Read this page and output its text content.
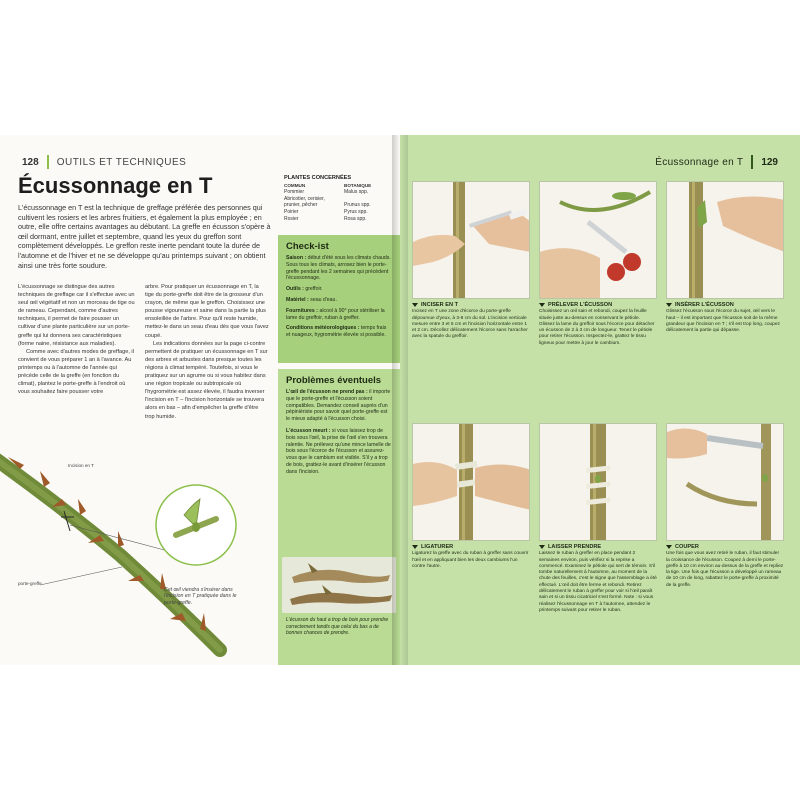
128 OUTILS ET TECHNIQUES
Écussonnage en T

L'écussonnage en T est la technique de greffage préférée des personnes qui cultivent les rosiers et les arbres fruitiers, et également la plus employée ; en outre, elle offre certains avantages au débutant. La greffe en écusson s'opère à œil dormant, entre juillet et septembre, quand les yeux du greffon sont complètement développés. Le greffon reste inerte pendant toute la durée de l'automne et de l'hiver et ne se développe qu'au printemps suivant ; on obtient ainsi une très forte soudure.

L'écussonnage se distingue des autres techniques de greffage car il s'effectue avec un seul œil végétatif et non un morceau de tige ou de rameau. Cependant, comme d'autres techniques, il permet de faire pousser un cultivar d'une plante particulière sur un porte-greffe qui lui donnera ses caractéristiques (forme naine, résistance aux maladies).

Comme avec d'autres modes de greffage, il convient de vous préparer 1 an à l'avance. Au printemps ou à l'automne de l'année qui précède celle de la greffe (en fonction du climat), plantez le porte-greffe à l'endroit où vous souhaitez faire pousser votre

arbre. Pour pratiquer un écussonnage en T, la tige du porte-greffe doit être de la grosseur d'un crayon, de même que le greffon. Choisissez une pousse vigoureuse et saine dans la partie la plus ensoleillée de l'arbre. Pour qu'il reste humide, mettez-le dans un seau d'eau dès que vous l'avez coupé.

Les indications données sur la page ci-contre permettent de pratiquer un écussonnage en T sur des arbres et arbustes dans presque toutes les régions à climat tempéré. Toutefois, si vous le pratiquez sur un agrume ou si vous habitez dans une région tropicale ou subtropicale où l'hygrométrie est assez élevée, il faudra inverser l'incision en T – l'incision horizontale se trouvera alors en bas – afin d'empêcher la greffe d'être trop humide.

PLANTES CONCERNÉES
COMMUN
Pommier
Abricotier, cerisier,
prunier, pêcher
Poirier
Rosier
BOTANIQUE
Malus spp.

Prunus spp.
Pyrus spp.
Rosa spp.
Check-ist
Saison : début d'été sous les climats chauds. Sous tous les climats, arrosez bien le porte-greffe pendant les 2 semaines qui précèdent l'écussonnage.
Outils : greffoir.
Matériel : seau d'eau.
Fournitures : alcool à 90° pour stériliser la lame du greffoir, ruban à greffer.
Conditions météorologiques : temps frais et nuageux, hygrométrie élevée si possible.
Problèmes éventuels
L'œil de l'écusson ne prend pas : il importe que le porte-greffe et l'écusson soient compatibles. Demandez conseil auprès d'un pépiniériste pour savoir quel porte-greffe est le mieux adapté à l'écusson choisi.
L'écusson meurt : si vous laissez trop de bois sous l'œil, la prise de l'œil s'en trouvera ralentie. Ne prélevez qu'une mince lamelle de bois sous l'écorce de l'écusson et assurez-vous que le cambium est visible. S'il y a trop de bois, grattez-le avant d'insérer l'écusson dans l'incision.
L'écusson du haut a trop de bois pour prendre correctement tandis que celui du bas a de bonnes chances de prendre.
Incision en T
porte-greffe
Cet œil viendra s'insérer dans l'incision en T pratiquée dans le porte-greffe.
Écussonnage en T 129
INCISER EN T
Incisez en T une zone d'écorce du porte-greffe dépourvue d'yeux, à 3-8 cm du sol. L'incision verticale mesure entre 3 et 5 cm et l'incision horizontale entre 1 et 2 cm. Décollez délicatement l'écorce sans l'arracher avec la spatule du greffoir.
PRÉLEVER L'ÉCUSSON
Choisissez un œil sain et rebondi, coupez la feuille située juste au-dessus en conservant le pétiole. Glissez la lame du greffoir sous l'écorce pour détacher un écusson de 2 à 3 cm de longueur. Tenez le pétiole pour retirer l'écusson. Inspectez-le, grattez le tissu ligneux pour mettre à jour le cambium.
INSÉRER L'ÉCUSSON
Glissez l'écusson sous l'écorce du sujet, œil vers le haut – il est important que l'écusson soit de la même grandeur que l'incision en T ; s'il est trop long, coupez délicatement la partie qui dépasse.
LIGATURER
Ligaturez la greffe avec du ruban à greffer sans couvrir l'œil et en appliquant bien les deux cambiums l'un contre l'autre.
LAISSER PRENDRE
Laissez le ruban à greffer en place pendant 2 semaines environ, puis vérifiez si la reprise a commencé. Examinez le pétiole qui sert de témoin. S'il tombe naturellement à l'automne, au moment de la chute des feuilles, c'est le signe que l'assemblage a été effectué. L'œil doit être ferme et rebondi. Retirez délicatement le ruban à greffer pour voir si l'œil paraît sain et si un tissu cicatriciel s'est formé. Note : si vous réalisez l'écussonnage en T à l'automne, attendez le printemps suivant pour retirer le ruban.
COUPER
Une fois que vous avez retiré le ruban, il faut stimuler la croissance de l'écusson. Coupez à demi le porte-greffe à 10 cm environ au-dessus de la greffe et repliez la tige. Une fois que l'écusson a développé un rameau de 10 cm de long, rabattez le porte-greffe à proximité de la greffe.
